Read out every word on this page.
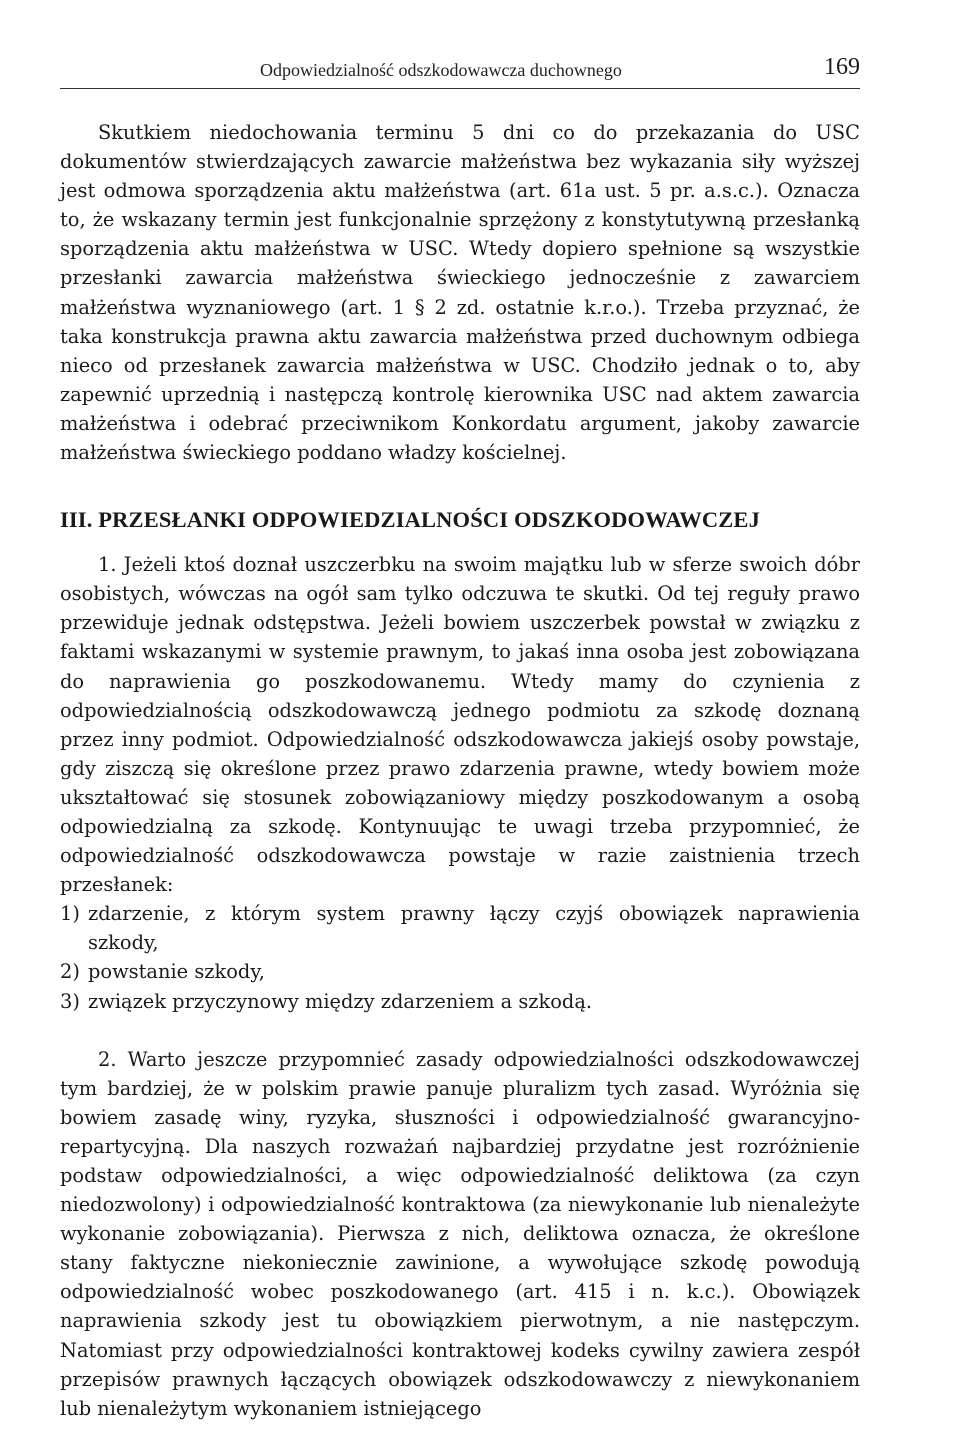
Odpowiedzialność odszkodowawcza duchownego	169

Skutkiem niedochowania terminu 5 dni co do przekazania do USC dokumentów stwierdzających zawarcie małżeństwa bez wykazania siły wyższej jest odmowa sporządzenia aktu małżeństwa (art. 61a ust. 5 pr. a.s.c.). Oznacza to, że wskazany termin jest funkcjonalnie sprzężony z konstytutywną przesłanką sporządzenia aktu małżeństwa w USC. Wtedy dopiero spełnione są wszystkie przesłanki zawarcia małżeństwa świeckiego jednocześnie z zawarciem małżeństwa wyznaniowego (art. 1 § 2 zd. ostatnie k.r.o.). Trzeba przyznać, że taka konstrukcja prawna aktu zawarcia małżeństwa przed duchownym odbiega nieco od przesłanek zawarcia małżeństwa w USC. Chodziło jednak o to, aby zapewnić uprzednią i następczą kontrolę kierownika USC nad aktem zawarcia małżeństwa i odebrać przeciwnikom Konkordatu argument, jakoby zawarcie małżeństwa świeckiego poddano władzy kościelnej.

III. PRZESŁANKI ODPOWIEDZIALNOŚCI ODSZKODOWAWCZEJ

1. Jeżeli ktoś doznał uszczerbku na swoim majątku lub w sferze swoich dóbr osobistych, wówczas na ogół sam tylko odczuwa te skutki. Od tej reguły prawo przewiduje jednak odstępstwa. Jeżeli bowiem uszczerbek powstał w związku z faktami wskazanymi w systemie prawnym, to jakaś inna osoba jest zobowiązana do naprawienia go poszkodowanemu. Wtedy mamy do czynienia z odpowiedzialnością odszkodowawczą jednego podmiotu za szkodę doznaną przez inny podmiot. Odpowiedzialność odszkodowawcza jakiejś osoby powstaje, gdy ziszczą się określone przez prawo zdarzenia prawne, wtedy bowiem może ukształtować się stosunek zobowiązaniowy między poszkodowanym a osobą odpowiedzialną za szkodę. Kontynuując te uwagi trzeba przypomnieć, że odpowiedzialność odszkodowawcza powstaje w razie zaistnienia trzech przesłanek:

1) zdarzenie, z którym system prawny łączy czyjś obowiązek naprawienia szkody,
2) powstanie szkody,
3) związek przyczynowy między zdarzeniem a szkodą.

2. Warto jeszcze przypomnieć zasady odpowiedzialności odszkodowawczej tym bardziej, że w polskim prawie panuje pluralizm tych zasad. Wyróżnia się bowiem zasadę winy, ryzyka, słuszności i odpowiedzialność gwarancyjno-repartycyjną. Dla naszych rozważań najbardziej przydatne jest rozróżnienie podstaw odpowiedzialności, a więc odpowiedzialność deliktowa (za czyn niedozwolony) i odpowiedzialność kontraktowa (za niewykonanie lub nienależyte wykonanie zobowiązania). Pierwsza z nich, deliktowa oznacza, że określone stany faktyczne niekoniecznie zawinione, a wywołujące szkodę powodują odpowiedzialność wobec poszkodowanego (art. 415 i n. k.c.). Obowiązek naprawienia szkody jest tu obowiązkiem pierwotnym, a nie następczym. Natomiast przy odpowiedzialności kontraktowej kodeks cywilny zawiera zespół przepisów prawnych łączących obowiązek odszkodowawczy z niewykonaniem lub nienależytym wykonaniem istniejącego
